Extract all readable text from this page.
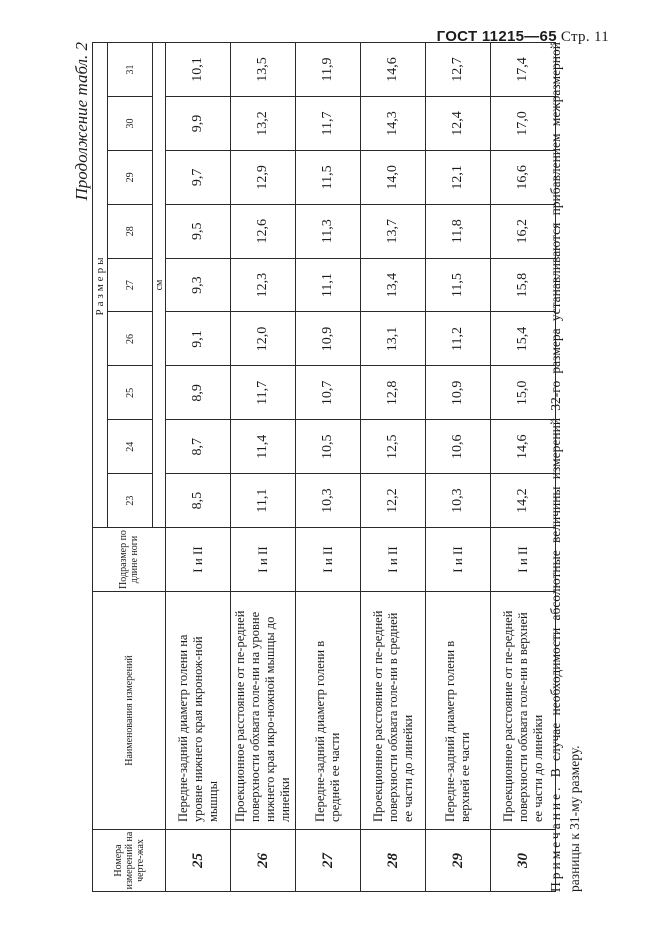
ГОСТ 11215—65 Стр. 11
Продолжение табл. 2
Номера измерений на черте-жах	Наименования измерений	Подразмер по длине ноги	Размеры								
			23	24	25	26	27	28	29	30	31
			см								
25	Передне-задний диаметр голени на уровне нижнего края икронож-ной мышцы	I и II	8,5	8,7	8,9	9,1	9,3	9,5	9,7	9,9	10,1
26	Проекционное расстояние от пе-редней поверхности обхвата голе-ни на уровне нижнего края икро-ножной мышцы до линейки	I и II	11,1	11,4	11,7	12,0	12,3	12,6	12,9	13,2	13,5
27	Передне-задний диаметр голени в средней ее части	I и II	10,3	10,5	10,7	10,9	11,1	11,3	11,5	11,7	11,9
28	Проекционное расстояние от пе-редней поверхности обхвата голе-ни в средней ее части до линейки	I и II	12,2	12,5	12,8	13,1	13,4	13,7	14,0	14,3	14,6
29	Передне-задний диаметр голени в верхней ее части	I и II	10,3	10,6	10,9	11,2	11,5	11,8	12,1	12,4	12,7
30	Проекционное расстояние от пе-редней поверхности обхвата голе-ни в верхней ее части до линейки	I и II	14,2	14,6	15,0	15,4	15,8	16,2	16,6	17,0	17,4
Примечание. В случае необходимости абсолютные величины измерений 32-го размера устанавливаются прибавлением межразмерной разницы к 31-му размеру.
